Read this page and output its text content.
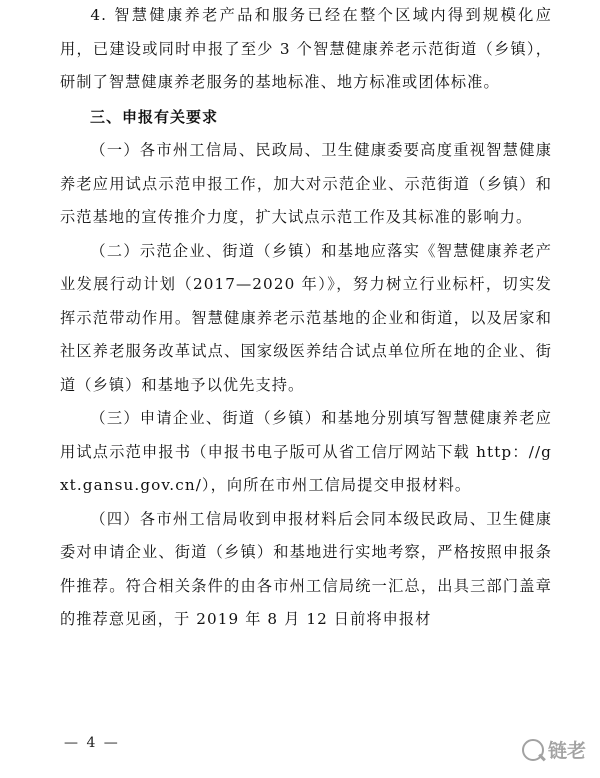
4. 智慧健康养老产品和服务已经在整个区域内得到规模化应用，已建设或同时申报了至少 3 个智慧健康养老示范街道（乡镇），研制了智慧健康养老服务的基地标准、地方标准或团体标准。

三、申报有关要求

（一）各市州工信局、民政局、卫生健康委要高度重视智慧健康养老应用试点示范申报工作，加大对示范企业、示范街道（乡镇）和示范基地的宣传推介力度，扩大试点示范工作及其标准的影响力。

（二）示范企业、街道（乡镇）和基地应落实《智慧健康养老产业发展行动计划（2017—2020 年）》，努力树立行业标杆，切实发挥示范带动作用。智慧健康养老示范基地的企业和街道，以及居家和社区养老服务改革试点、国家级医养结合试点单位所在地的企业、街道（乡镇）和基地予以优先支持。

（三）申请企业、街道（乡镇）和基地分别填写智慧健康养老应用试点示范申报书（申报书电子版可从省工信厅网站下载 http：//gxt.gansu.gov.cn/），向所在市州工信局提交申报材料。

（四）各市州工信局收到申报材料后会同本级民政局、卫生健康委对申请企业、街道（乡镇）和基地进行实地考察，严格按照申报条件推荐。符合相关条件的由各市州工信局统一汇总，出具三部门盖章的推荐意见函，于 2019 年 8 月 12 日前将申报材

— 4 —	链老
